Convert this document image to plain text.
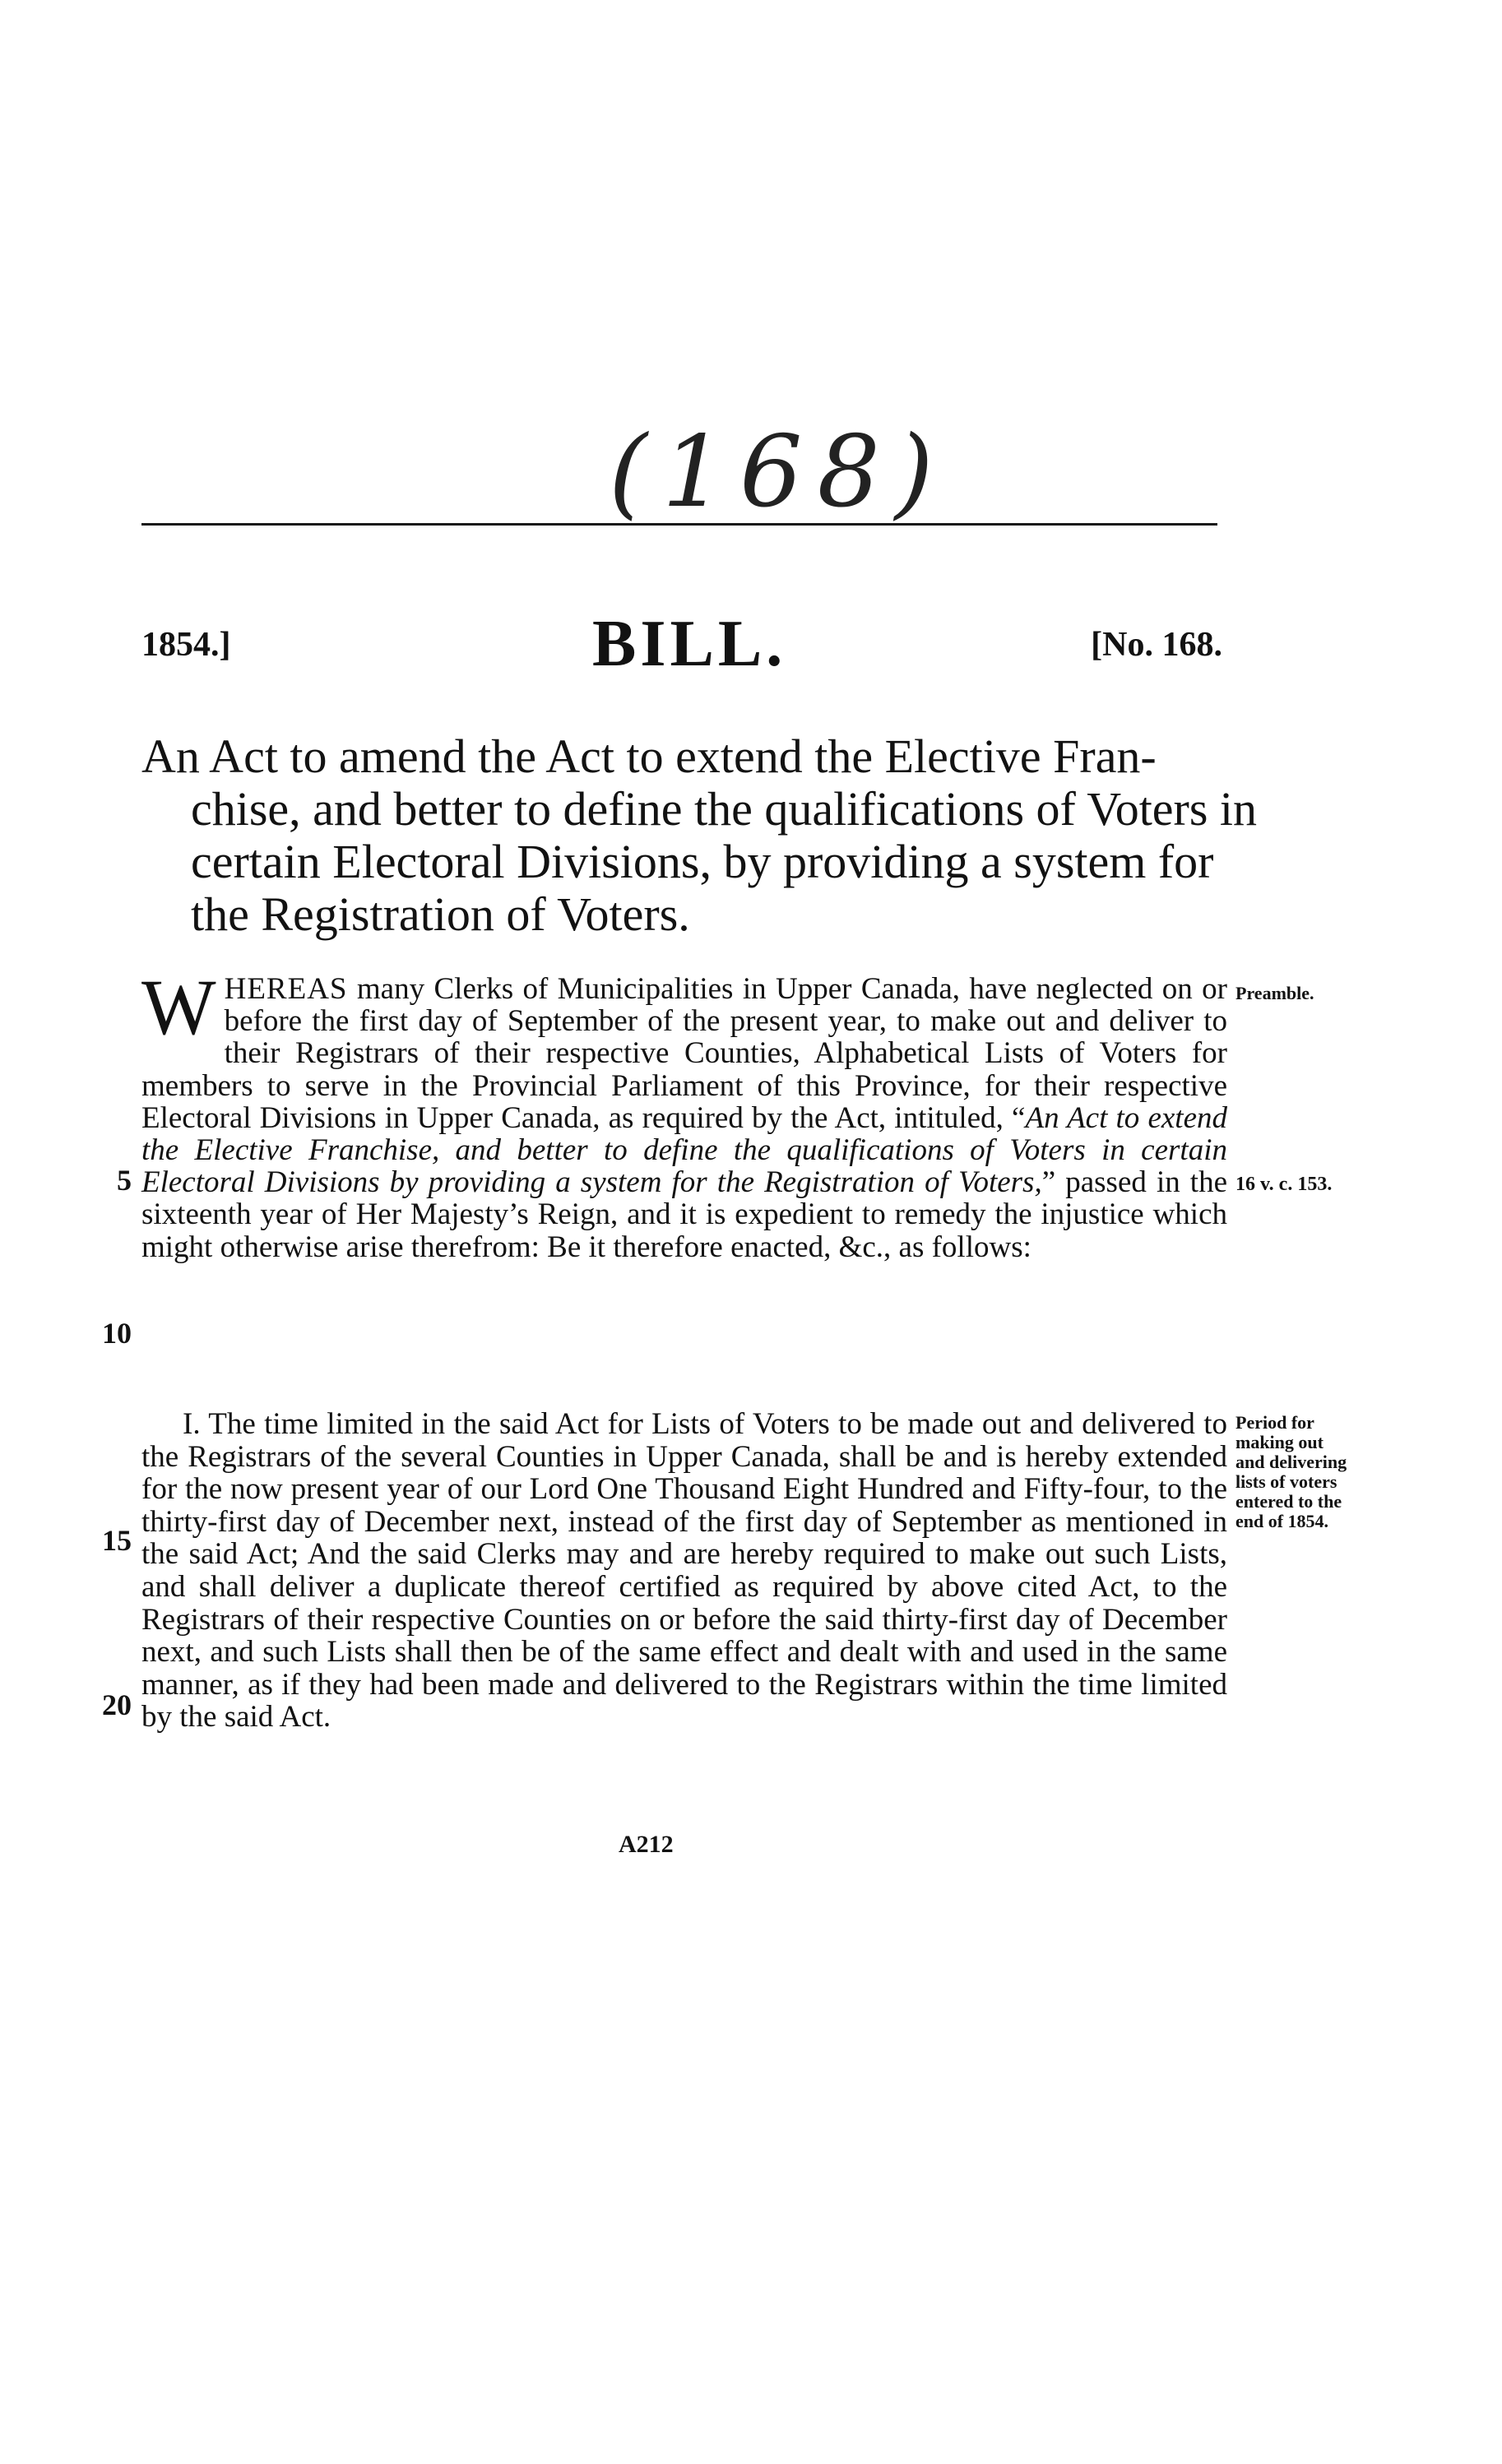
(168)
1854.]	BILL.	[No. 168.
An Act to amend the Act to extend the Elective Fran-
chise, and better to define the qualifications of Voters in
certain Electoral Divisions, by providing a system for
the Registration of Voters.
WHEREAS many Clerks of Municipalities in Upper Canada, have neglected on or before the first day of September of the present year, to make out and deliver to their Registrars of their respective Counties, Alphabetical Lists of Voters for members to serve in the Provincial Parliament of this Province, for their respective Electoral Divisions in Upper Canada, as required by the Act, intituled, “An Act to extend the Elective Franchise, and better to define the qualifications of Voters in certain Electoral Divisions by providing a system for the Registration of Voters,” passed in the sixteenth year of Her Majesty’s Reign, and it is expedient to remedy the injustice which might otherwise arise therefrom: Be it therefore enacted, &c., as follows:
I. The time limited in the said Act for Lists of Voters to be made out and delivered to the Registrars of the several Counties in Upper Canada, shall be and is hereby extended for the now present year of our Lord One Thousand Eight Hundred and Fifty-four, to the thirty-first day of December next, instead of the first day of September as mentioned in the said Act; And the said Clerks may and are hereby required to make out such Lists, and shall deliver a duplicate thereof certified as required by above cited Act, to the Registrars of their respective Counties on or before the said thirty-first day of December next, and such Lists shall then be of the same effect and dealt with and used in the same manner, as if they had been made and delivered to the Registrars within the time limited by the said Act.
5
10
15
20
Preamble.
16 v. c. 153.
Period for
making out
and delivering
lists of voters
entered to the
end of 1854.
A212
